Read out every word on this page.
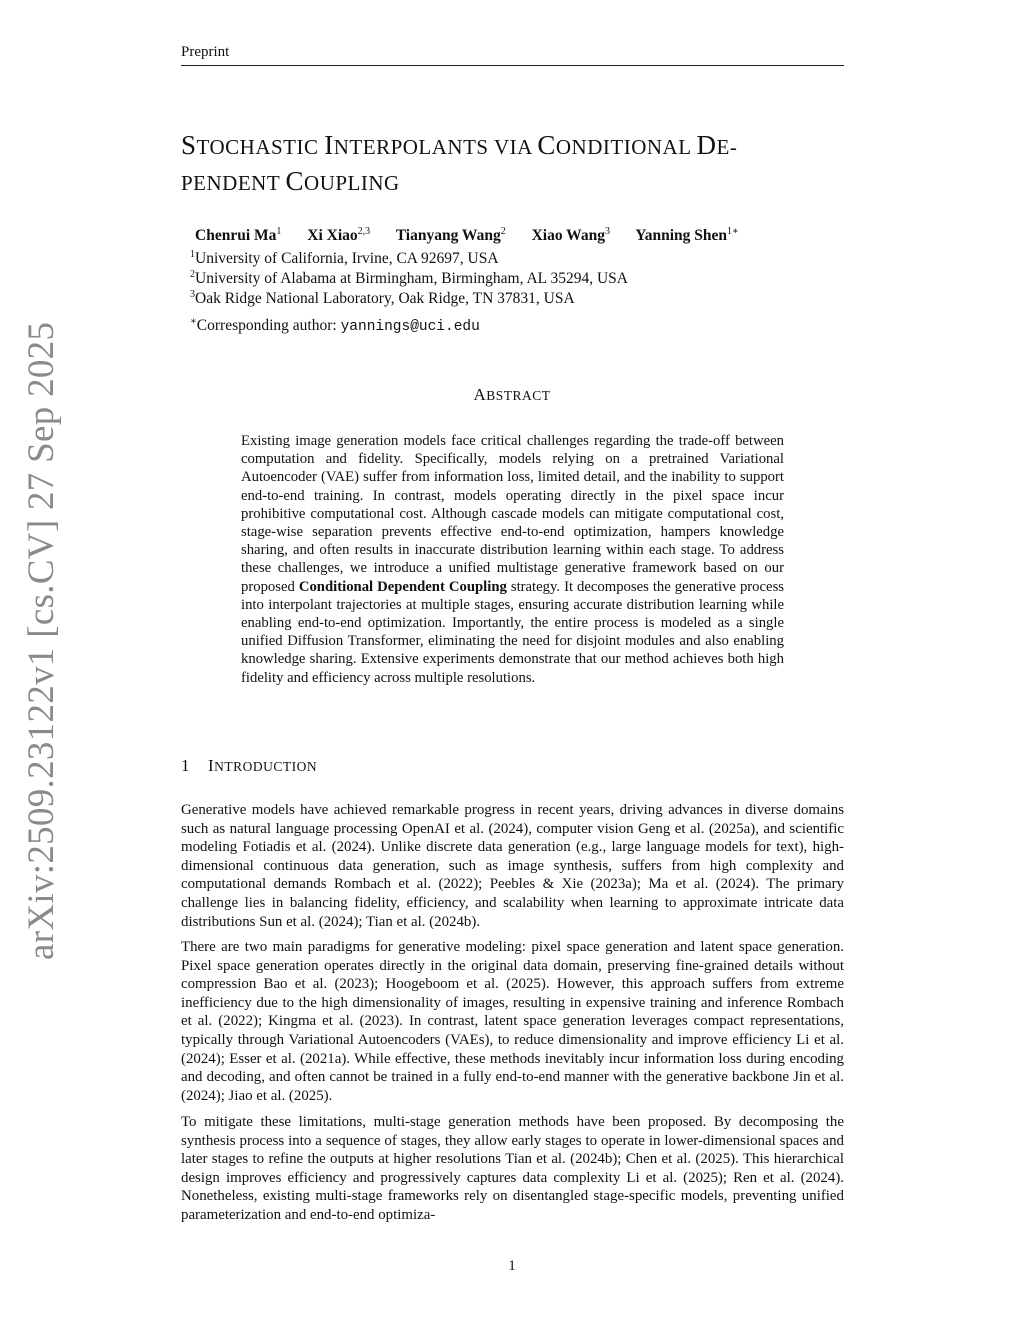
Preprint
arXiv:2509.23122v1 [cs.CV] 27 Sep 2025
STOCHASTIC INTERPOLANTS VIA CONDITIONAL DE-
PENDENT COUPLING
Chenrui Ma$^1$ Xi Xiao$^{2,3}$ Tianyang Wang$^2$ Xiao Wang$^3$ Yanning Shen$^{1∗}$
$^1$University of California, Irvine, CA 92697, USA
$^2$University of Alabama at Birmingham, Birmingham, AL 35294, USA
$^3$Oak Ridge National Laboratory, Oak Ridge, TN 37831, USA
∗Corresponding author: yannings@uci.edu
ABSTRACT
Existing image generation models face critical challenges regarding the trade-off between computation and fidelity. Specifically, models relying on a pretrained Variational Autoencoder (VAE) suffer from information loss, limited detail, and the inability to support end-to-end training. In contrast, models operating directly in the pixel space incur prohibitive computational cost. Although cascade models can mitigate computational cost, stage-wise separation prevents effective end-to-end optimization, hampers knowledge sharing, and often results in inaccurate distribution learning within each stage. To address these challenges, we introduce a unified multistage generative framework based on our proposed Conditional Dependent Coupling strategy. It decomposes the generative process into interpolant trajectories at multiple stages, ensuring accurate distribution learning while enabling end-to-end optimization. Importantly, the entire process is modeled as a single unified Diffusion Transformer, eliminating the need for disjoint modules and also enabling knowledge sharing. Extensive experiments demonstrate that our method achieves both high fidelity and efficiency across multiple resolutions.
1 INTRODUCTION

Generative models have achieved remarkable progress in recent years, driving advances in diverse domains such as natural language processing OpenAI et al. (2024), computer vision Geng et al. (2025a), and scientific modeling Fotiadis et al. (2024). Unlike discrete data generation (e.g., large language models for text), high-dimensional continuous data generation, such as image synthesis, suffers from high complexity and computational demands Rombach et al. (2022); Peebles & Xie (2023a); Ma et al. (2024). The primary challenge lies in balancing fidelity, efficiency, and scalability when learning to approximate intricate data distributions Sun et al. (2024); Tian et al. (2024b).

There are two main paradigms for generative modeling: pixel space generation and latent space generation. Pixel space generation operates directly in the original data domain, preserving fine-grained details without compression Bao et al. (2023); Hoogeboom et al. (2025). However, this approach suffers from extreme inefficiency due to the high dimensionality of images, resulting in expensive training and inference Rombach et al. (2022); Kingma et al. (2023). In contrast, latent space generation leverages compact representations, typically through Variational Autoencoders (VAEs), to reduce dimensionality and improve efficiency Li et al. (2024); Esser et al. (2021a). While effective, these methods inevitably incur information loss during encoding and decoding, and often cannot be trained in a fully end-to-end manner with the generative backbone Jin et al. (2024); Jiao et al. (2025).

To mitigate these limitations, multi-stage generation methods have been proposed. By decomposing the synthesis process into a sequence of stages, they allow early stages to operate in lower-dimensional spaces and later stages to refine the outputs at higher resolutions Tian et al. (2024b); Chen et al. (2025). This hierarchical design improves efficiency and progressively captures data complexity Li et al. (2025); Ren et al. (2024). Nonetheless, existing multi-stage frameworks rely on disentangled stage-specific models, preventing unified parameterization and end-to-end optimiza-

1
